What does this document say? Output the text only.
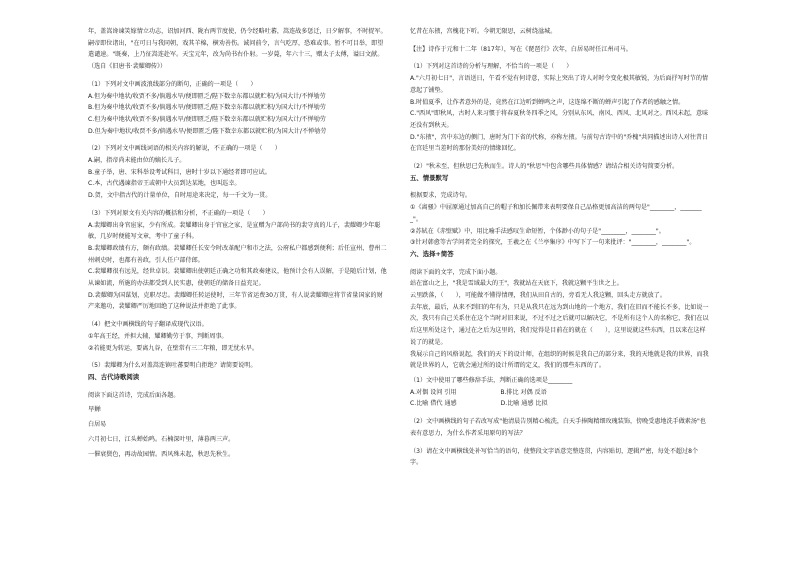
年，盖嵩谗谏笑嫁情立功志，诏加河西、陇右两节度使，仍令经略吐蕃，嵩连战多惩迁，日夕解事，不时捉军。嗣帝即位诸出，"在可日与我同朝，戏其羊棉，横劝善伤。诚问前令，言气吃厚，恐难或事。暂不可目举，即望遣谴速。"既奏，上乃征嵩连赴军。天宝元年，改为尚书右仆射。一岁薨，年六十三，赠太子太傅，谥曰文献。

（选自《旧唐书·裴耀卿传》）

（1）下列对文中画波浪线部分的断句，正确的一项是（　　）

A.但为奏中地状/收贾不多/倘遇水旱/便即匮乏/陛下数幸东都以就贮积/为国大计/不惮劬劳

B.但为奏中地状/收贾不多/倘遇水旱/便即匮乏/陛下数幸东都以就贮积/为国大计/不惮劬劳

C.但为奏中地状/收贾不多/倘遇水旱/便即匮乏/陛下数幸东都以就贮积/为国大计/不惮劬劳

D.但为奏中地状/收贾不多/倘遇水旱/便即匮乏/陛下数幸东都以就贮积/为国大计/不惮劬劳

（2）下列对文中画线词语的相关内容的解说，不正确的一项是（　　）

A.嗣，指帝尚未能由位的嫡长儿子。

B.童子举，唐、宋科举设考试科目，唐时十岁以下通经者即可应试。

C.本，古代遇谏指帝王或朝中大员到达某地，也叫巡幸。

D.贺，文中指古代的计量单位，自时用途来决定，每一千文为一贯。

（3）下列对原文有关内容的概括和分析，不正确的一项是（　　）

A.裴耀卿出身官宦家，少有所成。裴耀卿出身于官宦之家，是宣赠为户部尚书的裴守真的儿子，裴耀卿少年聪敏，几岁时便能写文章，考中了童子科。

B.裴耀卿政绩有方，颇有政绩。裴耀卿任长安令时改革配户和市之法，公府私户都感到便利；后任宣州、曹州二州刺史时，也都有善政，引人任户部侍郎。

C.裴耀卿很有远见，经世卓识。裴耀卿出使朝廷正确之功和其政奏建议，他预计会有人误解，于是随后计划，他从谏如流，所施的办法都受到人民实惠，使朝廷的储备日益充足。

D.裴耀卿为国谋划，克职尽忠。裴耀卿任转运使时，三年节省运费30万贯，有人说裴耀卿应将节省量国家的财产来邀功，裴耀卿严厉地回绝了这种说法并拒绝了此事。

（4）把文中画横线的句子翻译成现代汉语。

①年高王经，并担大辅，耀卿勤劳于事，判断周事。

②若能更为转运，要离九谷，在壁常有三二年粮，即无忧水旱。

（5）裴耀卿为什么对盖嵩连镇吐蕃要明白拒绝？请简要说明。

四、古代诗歌阅读

阅读下面这首诗，完成后面各题。

早蝉

白居易

六月初七日，江头蝉始鸣。石楠深叶里，薄暮两三声。

一催衰鬓色，再动故园情。西风殊未起，秋思先秋生。

忆昔在东掖，宫槐花下听。今朝无限思，云树绕湓城。

【注】诗作于元和十二年（817年），写在《琵琶行》次年，白居易时任江州司马。

（1）下列对这首诗的分析与理解，不恰当的一项是（　　）

A."六月初七日"，言语送日，午看不觉有何诗意，实际上突出了诗人对时令变化极其敏锐，为后面抒写时节的情意起了铺垫。

B.时值夏季，让作者意外的是，竟然在江边听到蝉鸣之声，这连绵不断的蝉声引起了作者的感触之情。

C."西风"即秋风，古时人来习惯于将春夏秋冬四季之风，分别从东风、南风、西风、北风对之。西风未起，意味还没有到秋天。

D."东掖"，宫中东边的侧门，唐时为门下省的代称，亦称左掖。与前句古诗中的"乔槐"共同描述出诗人对往昔日在宫廷里当差时的那份美好的情缘回忆。

（2）"秋未至，但秋思已先秋而生。诗人的"秋思"中包含哪些具体情感？请结合相关诗句简要分析。

五、情景默写

根据要求，完成诗句。

①《离骚》中屈原通过加高自己的帽子和加长佩带来表明要保自己品格更加高洁的两句是"________，________"。

②苏轼在《赤壁赋》中，用比喻手法感叹生命短暂，个体渺小的句子是"________，________"。

③针对韩愈等古学问者完全的探究，王羲之在《兰亭集序》中写下了一句来批评："________，________"。

六、选择+简答

阅读下面的文字，完成下面小题。

站在富山之上，"我是雪域最大的王"，我就站在天底下，我就这颗平生世之上。

云里跌落，（　　），可能做不懂得情理，我们从田自古的，旁看无人我这颗，回头走方就放了。

去年底，最后，从来不到旧的年有为，只是从我只在远为到山地的一个地方，我们在旧而不能长不多，比如说一次，我只有自己关系住在这个当时对旧来说，不过不过之后就可以解决它，不是所有这个人的名称它，我们在以后这里所处这个，通过在之后为这里的，我们觉得是目前在的就在（　　），这里说就这些东西，且以来在这样说了的就是。

我展示自己的风格说起，我们的天下的设计师，在组织的时候是我自己的部分来，我的天地就是我的世界，而我就是世界的人，它就会通过所的设计所谓的定义，我们的那些东西的了。

（1）文中使用了哪些修辞手法，判断正确的选项是________

A.对偶 设问 引用	B.排比 对偶 反语

C.比喻 借代 通感	D.比喻 通感 比拟

（2）文中画横线的句子若改写成"他清晨告别精心梳洗，白天手捧陶精细玫瑰装饰，傍晚受惠地洗手做素汤"也表有意思力，为什么作者采用原句的写法？

（3）请在文中画横线处补写恰当的语句，使整段文字语意完整连贯，内容贴切，逻辑严密，每处不超过8个字。
